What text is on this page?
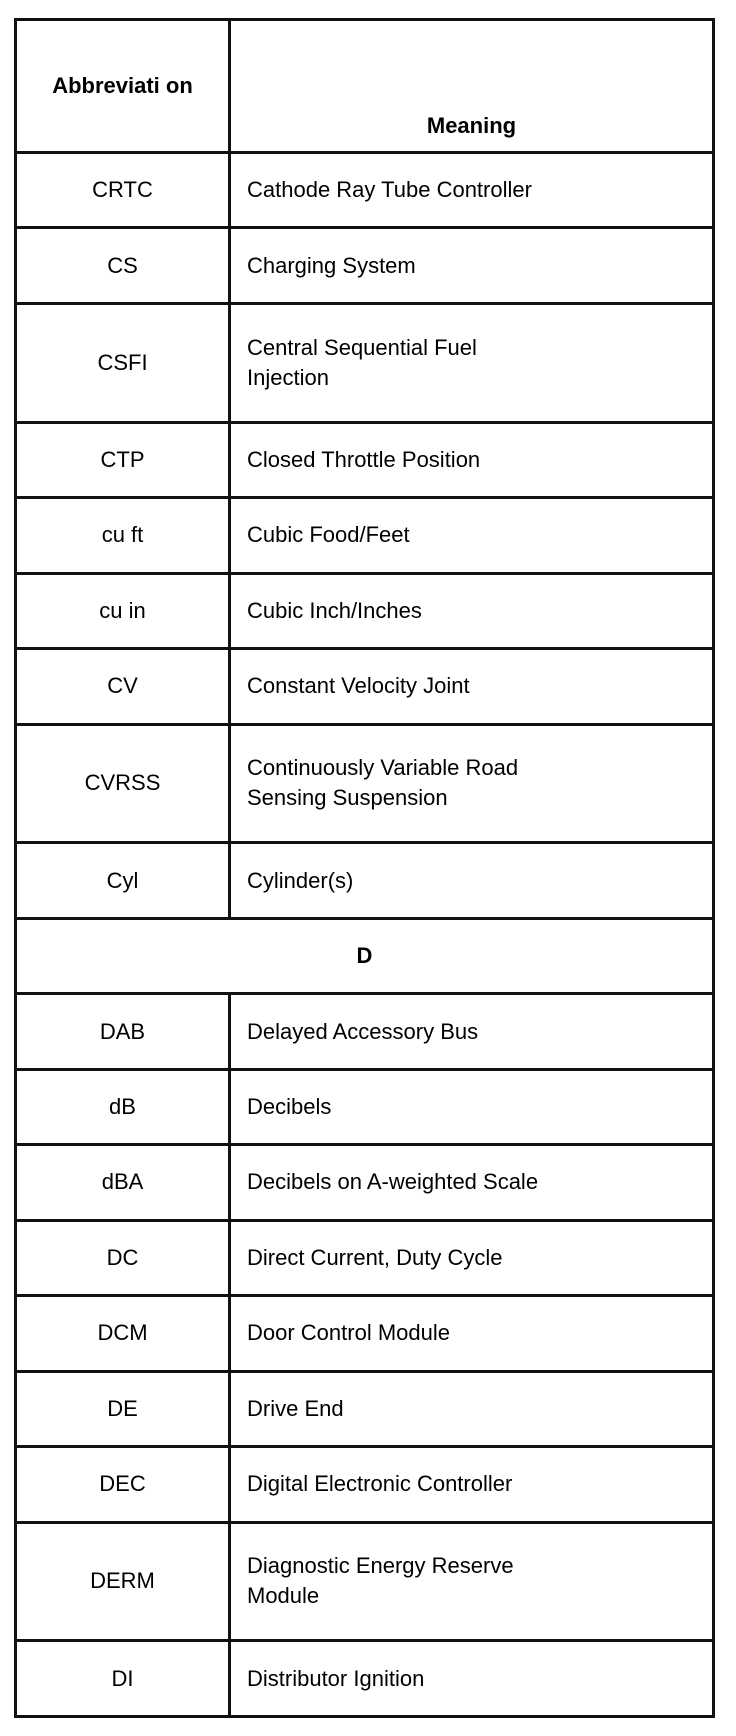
Abbreviati on	Meaning
CRTC	Cathode Ray Tube Controller
CS	Charging System
CSFI	Central Sequential Fuel Injection

CTP	Closed Throttle Position
cu ft	Cubic Food/Feet
cu in	Cubic Inch/Inches
CV	Constant Velocity Joint
CVRSS	Continuously Variable Road Sensing Suspension

Cyl	Cylinder(s)
D	
DAB	Delayed Accessory Bus
dB	Decibels
dBA	Decibels on A-weighted Scale
DC	Direct Current, Duty Cycle
DCM	Door Control Module
DE	Drive End
DEC	Digital Electronic Controller
DERM	Diagnostic Energy Reserve Module

DI	Distributor Ignition
